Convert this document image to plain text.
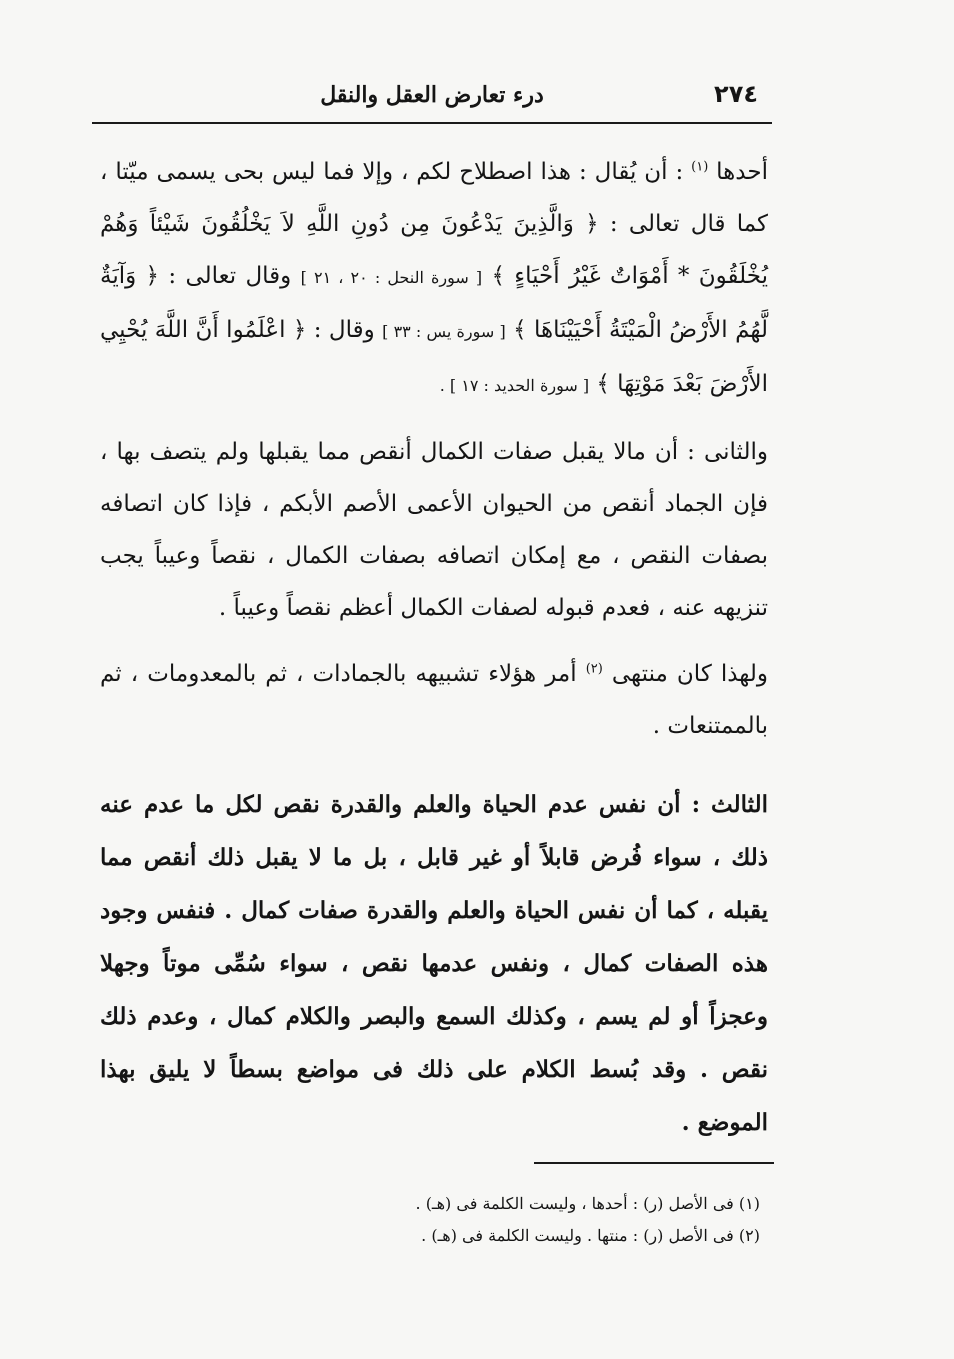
٢٧٤
درء تعارض العقل والنقل

أحدها $^{(١)}$ : أن يُقال : هذا اصطلاح لكم ، وإلا فما ليس بحى يسمى ميّتا ، كما قال تعالى : ﴿ وَالَّذِينَ يَدْعُونَ مِن دُونِ اللَّهِ لاَ يَخْلُقُونَ شَيْئاً وَهُمْ يُخْلَقُونَ * أَمْوَاتٌ غَيْرُ أَحْيَاءٍ ﴾ [ سورة النحل : ٢٠ ، ٢١ ] وقال تعالى : ﴿ وَآيَةٌ لَّهُمُ الأَرْضُ الْمَيْتَةُ أَحْيَيْنَاهَا ﴾ [ سورة يس : ٣٣ ] وقال : ﴿ اعْلَمُوا أَنَّ اللَّهَ يُحْيِي الأَرْضَ بَعْدَ مَوْتِهَا ﴾ [ سورة الحديد : ١٧ ] .

والثانى : أن مالا يقبل صفات الكمال أنقص مما يقبلها ولم يتصف بها ، فإن الجماد أنقص من الحيوان الأعمى الأصم الأبكم ، فإذا كان اتصافه بصفات النقص ، مع إمكان اتصافه بصفات الكمال ، نقصاً وعيباً يجب تنزيهه عنه ، فعدم قبوله لصفات الكمال أعظم نقصاً وعيباً .

ولهذا كان منتهى $^{(٢)}$ أمر هؤلاء تشبيهه بالجمادات ، ثم بالمعدومات ، ثم بالممتنعات .

الثالث : أن نفس عدم الحياة والعلم والقدرة نقص لكل ما عدم عنه ذلك ، سواء فُرض قابلاً أو غير قابل ، بل ما لا يقبل ذلك أنقص مما يقبله ، كما أن نفس الحياة والعلم والقدرة صفات كمال . فنفس وجود هذه الصفات كمال ، ونفس عدمها نقص ، سواء سُمِّى موتاً وجهلا وعجزاً أو لم يسم ، وكذلك السمع والبصر والكلام كمال ، وعدم ذلك نقص . وقد بُسط الكلام على ذلك فى مواضع بسطاً لا يليق بهذا الموضع .

(١) فى الأصل (ر) : أحدها ، وليست الكلمة فى (هـ) .
(٢) فى الأصل (ر) : منتها . وليست الكلمة فى (هـ) .
